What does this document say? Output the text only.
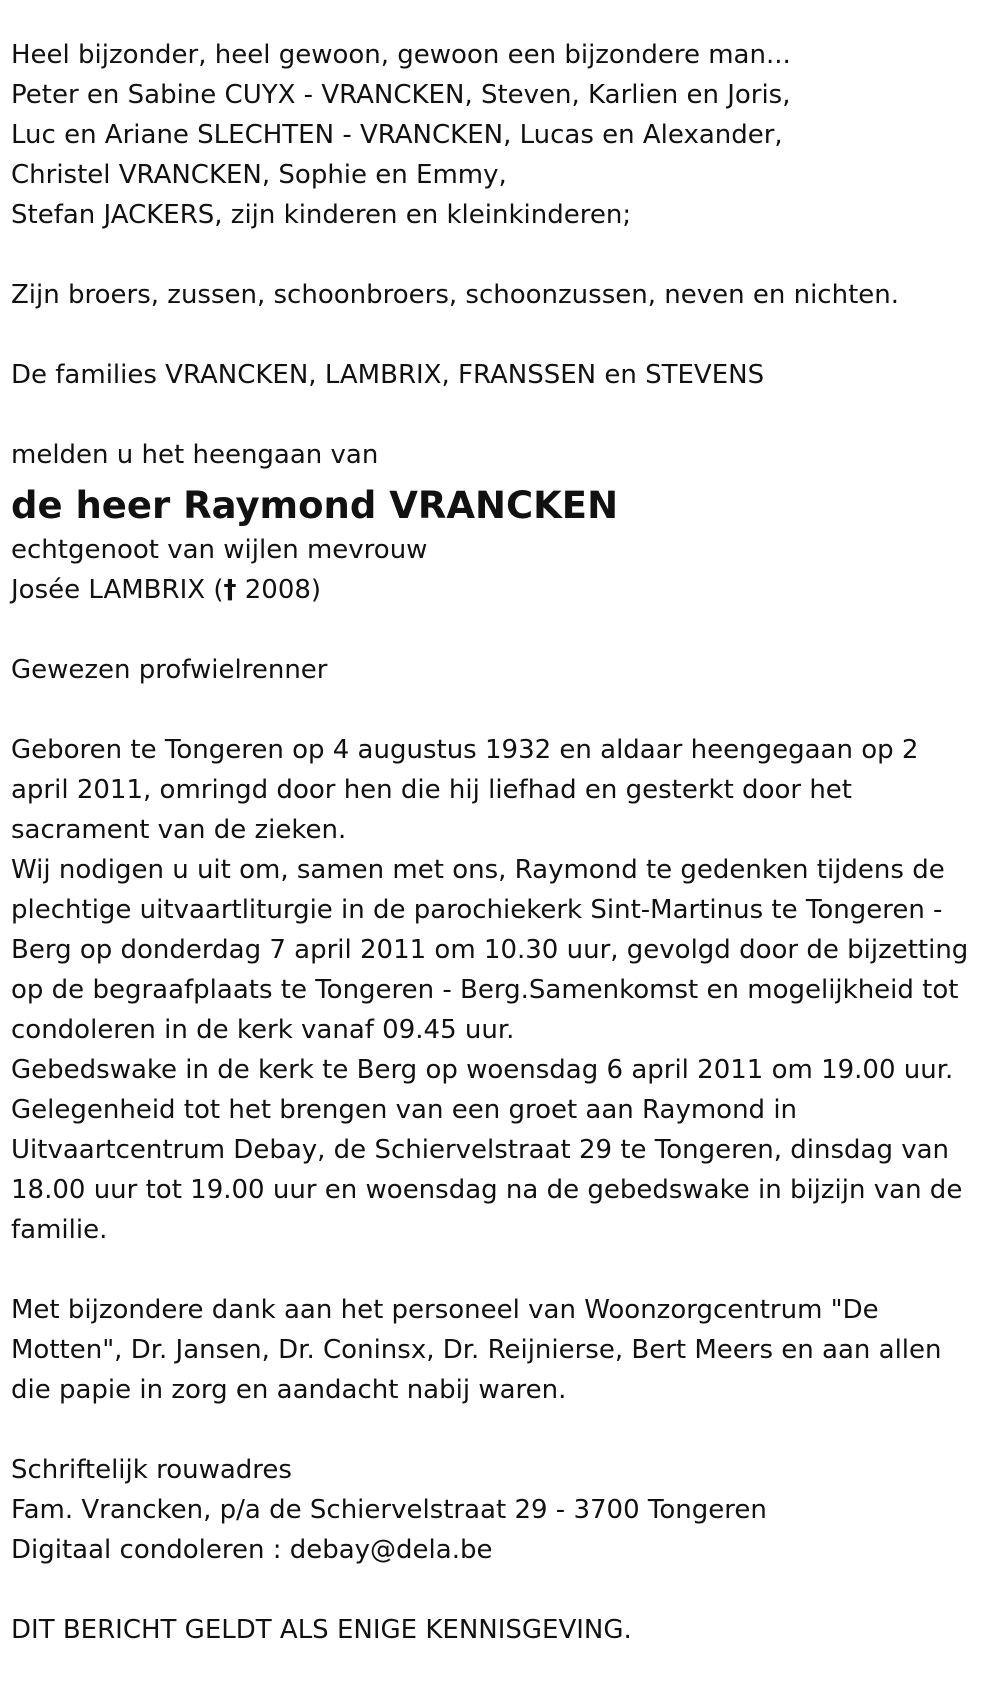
Heel bijzonder, heel gewoon, gewoon een bijzondere man...
Peter en Sabine CUYX - VRANCKEN, Steven, Karlien en Joris,
Luc en Ariane SLECHTEN - VRANCKEN, Lucas en Alexander,
Christel VRANCKEN, Sophie en Emmy,
Stefan JACKERS, zijn kinderen en kleinkinderen;
Zijn broers, zussen, schoonbroers, schoonzussen, neven en nichten.
De families VRANCKEN, LAMBRIX, FRANSSEN en STEVENS
melden u het heengaan van
de heer Raymond VRANCKEN
echtgenoot van wijlen mevrouw
Josée LAMBRIX († 2008)
Gewezen profwielrenner
Geboren te Tongeren op 4 augustus 1932 en aldaar heengegaan op 2
april 2011, omringd door hen die hij liefhad en gesterkt door het
sacrament van de zieken.
Wij nodigen u uit om, samen met ons, Raymond te gedenken tijdens de
plechtige uitvaartliturgie in de parochiekerk Sint-Martinus te Tongeren -
Berg op donderdag 7 april 2011 om 10.30 uur, gevolgd door de bijzetting
op de begraafplaats te Tongeren - Berg.Samenkomst en mogelijkheid tot
condoleren in de kerk vanaf 09.45 uur.
Gebedswake in de kerk te Berg op woensdag 6 april 2011 om 19.00 uur.
Gelegenheid tot het brengen van een groet aan Raymond in
Uitvaartcentrum Debay, de Schiervelstraat 29 te Tongeren, dinsdag van
18.00 uur tot 19.00 uur en woensdag na de gebedswake in bijzijn van de
familie.
Met bijzondere dank aan het personeel van Woonzorgcentrum "De
Motten", Dr. Jansen, Dr. Coninsx, Dr. Reijnierse, Bert Meers en aan allen
die papie in zorg en aandacht nabij waren.
Schriftelijk rouwadres
Fam. Vrancken, p/a de Schiervelstraat 29 - 3700 Tongeren
Digitaal condoleren : debay@dela.be
DIT BERICHT GELDT ALS ENIGE KENNISGEVING.
